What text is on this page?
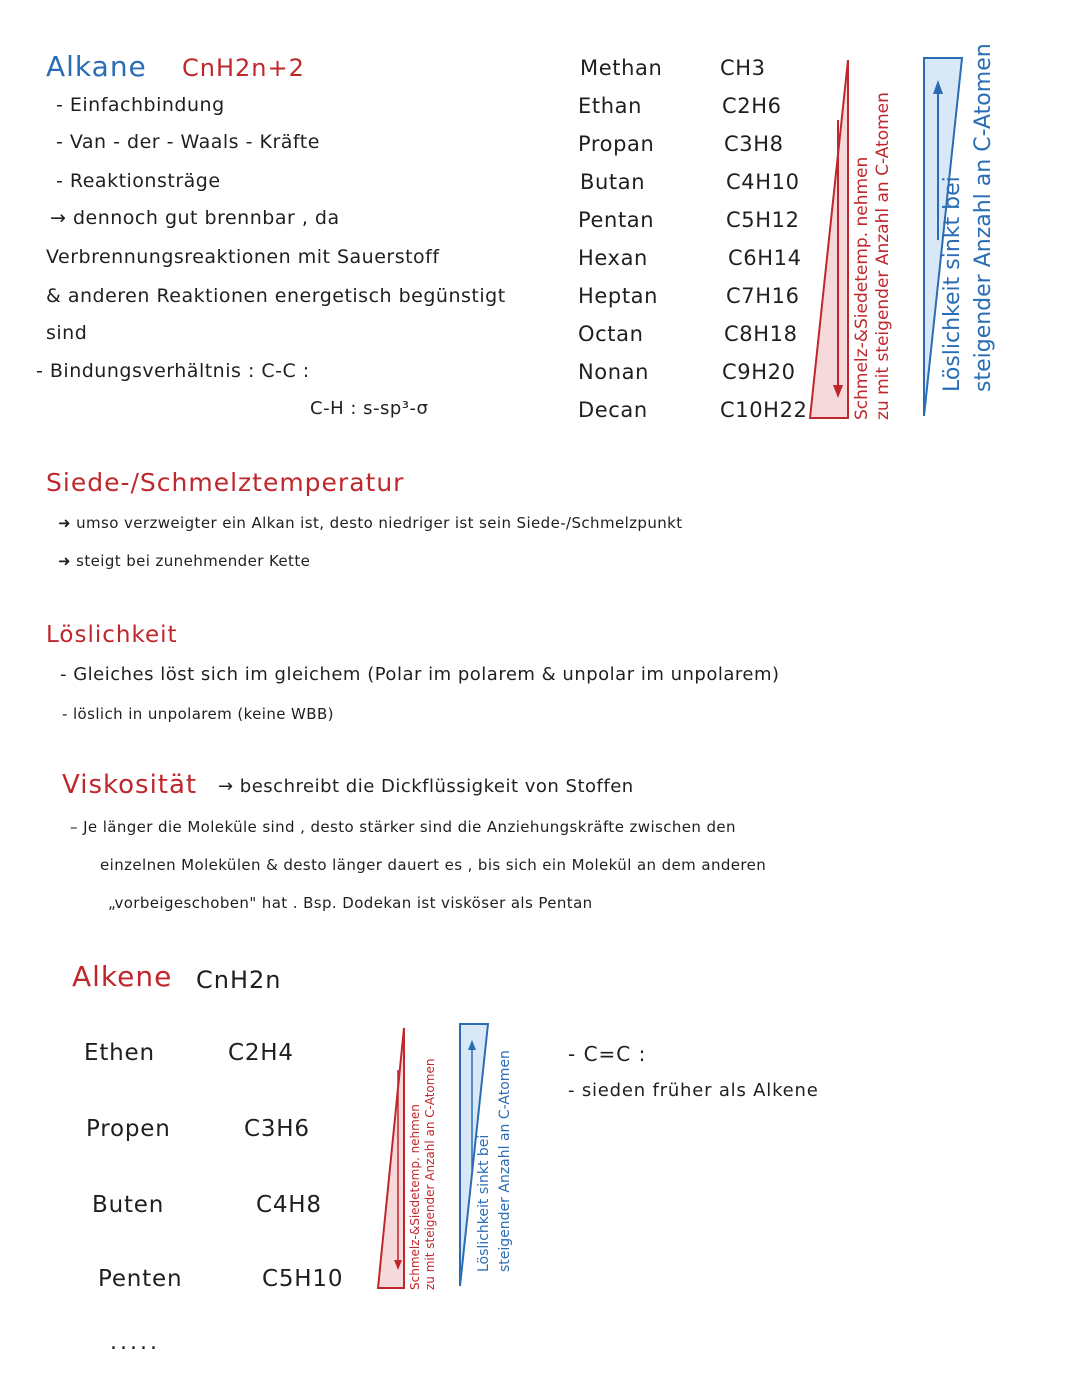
Alkane CnH2n+2
- Einfachbindung
- Van - der - Waals - Kräfte
- Reaktionsträge
→ dennoch gut brennbar , da
Verbrennungsreaktionen mit Sauerstoff
& anderen Reaktionen energetisch begünstigt
sind
- Bindungsverhältnis : C-C :
C-H : s-sp³-σ
Methan	CH3
Ethan	C2H6
Propan	C3H8
Butan	C4H10
Pentan	C5H12
Hexan	C6H14
Heptan	C7H16
Octan	C8H18
Nonan	C9H20
Decan	C10H22	Schmelz-&Siedetemp. nehmen zu mit steigender Anzahl an C-Atomen Löslichkeit sinkt bei steigender Anzahl an C-Atomen
Siede-/Schmelztemperatur
➜ umso verzweigter ein Alkan ist, desto niedriger ist sein Siede-/Schmelzpunkt
➜ steigt bei zunehmender Kette
Löslichkeit
- Gleiches löst sich im gleichem (Polar im polarem & unpolar im unpolarem)
- löslich in unpolarem (keine WBB)
Viskosität → beschreibt die Dickflüssigkeit von Stoffen
– Je länger die Moleküle sind , desto stärker sind die Anziehungskräfte zwischen den
einzelnen Molekülen & desto länger dauert es , bis sich ein Molekül an dem anderen
„vorbeigeschoben" hat . Bsp. Dodekan ist visköser als Pentan
Alkene CnH2n
Ethen	C2H4
Propen	C3H6
Buten	C4H8
Penten	C5H10
.....
Schmelz-&Siedetemp. nehmen zu mit steigender Anzahl an C-Atomen	Löslichkeit sinkt bei steigender Anzahl an C-Atomen	- C=C :
- sieden früher als Alkene
